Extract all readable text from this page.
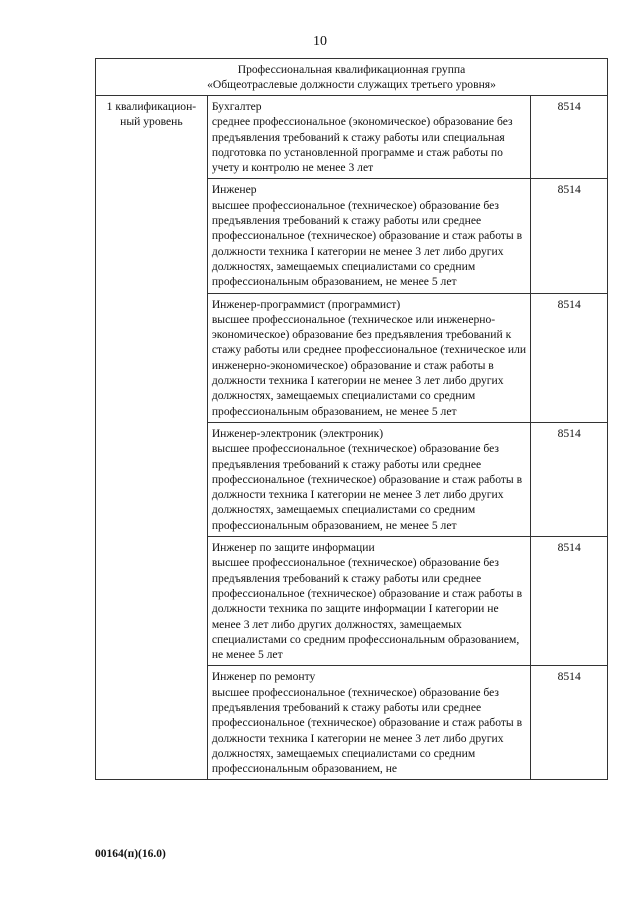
10
Профессиональная квалификационная группа
«Общеотраслевые должности служащих третьего уровня»		

1 квалификацион-ный уровень	Бухгалтер
среднее профессиональное (экономическое) образование без предъявления требований к стажу работы или специальная подготовка по установленной программе и стаж работы по учету и контролю не менее 3 лет	8514

	Инженер
высшее профессиональное (техническое) образование без предъявления требований к стажу работы или среднее профессиональное (техническое) образование и стаж работы в должности техника I категории не менее 3 лет либо других должностях, замещаемых специалистами со средним профессиональным образованием, не менее 5 лет	8514

	Инженер-программист (программист)
высшее профессиональное (техническое или инженерно-экономическое) образование без предъявления требований к стажу работы или среднее профессиональное (техническое или инженерно-экономическое) образование и стаж работы в должности техника I категории не менее 3 лет либо других должностях, замещаемых специалистами со средним профессиональным образованием, не менее 5 лет	8514

	Инженер-электроник (электроник)
высшее профессиональное (техническое) образование без предъявления требований к стажу работы или среднее профессиональное (техническое) образование и стаж работы в должности техника I категории не менее 3 лет либо других должностях, замещаемых специалистами со средним профессиональным образованием, не менее 5 лет	8514

	Инженер по защите информации
высшее профессиональное (техническое) образование без предъявления требований к стажу работы или среднее профессиональное (техническое) образование и стаж работы в должности техника по защите информации I категории не менее 3 лет либо других должностях, замещаемых специалистами со средним профессиональным образованием, не менее 5 лет	8514

	Инженер по ремонту
высшее профессиональное (техническое) образование без предъявления требований к стажу работы или среднее профессиональное (техническое) образование и стаж работы в должности техника I категории не менее 3 лет либо других должностях, замещаемых специалистами со средним профессиональным образованием, не	8514
00164(п)(16.0)
